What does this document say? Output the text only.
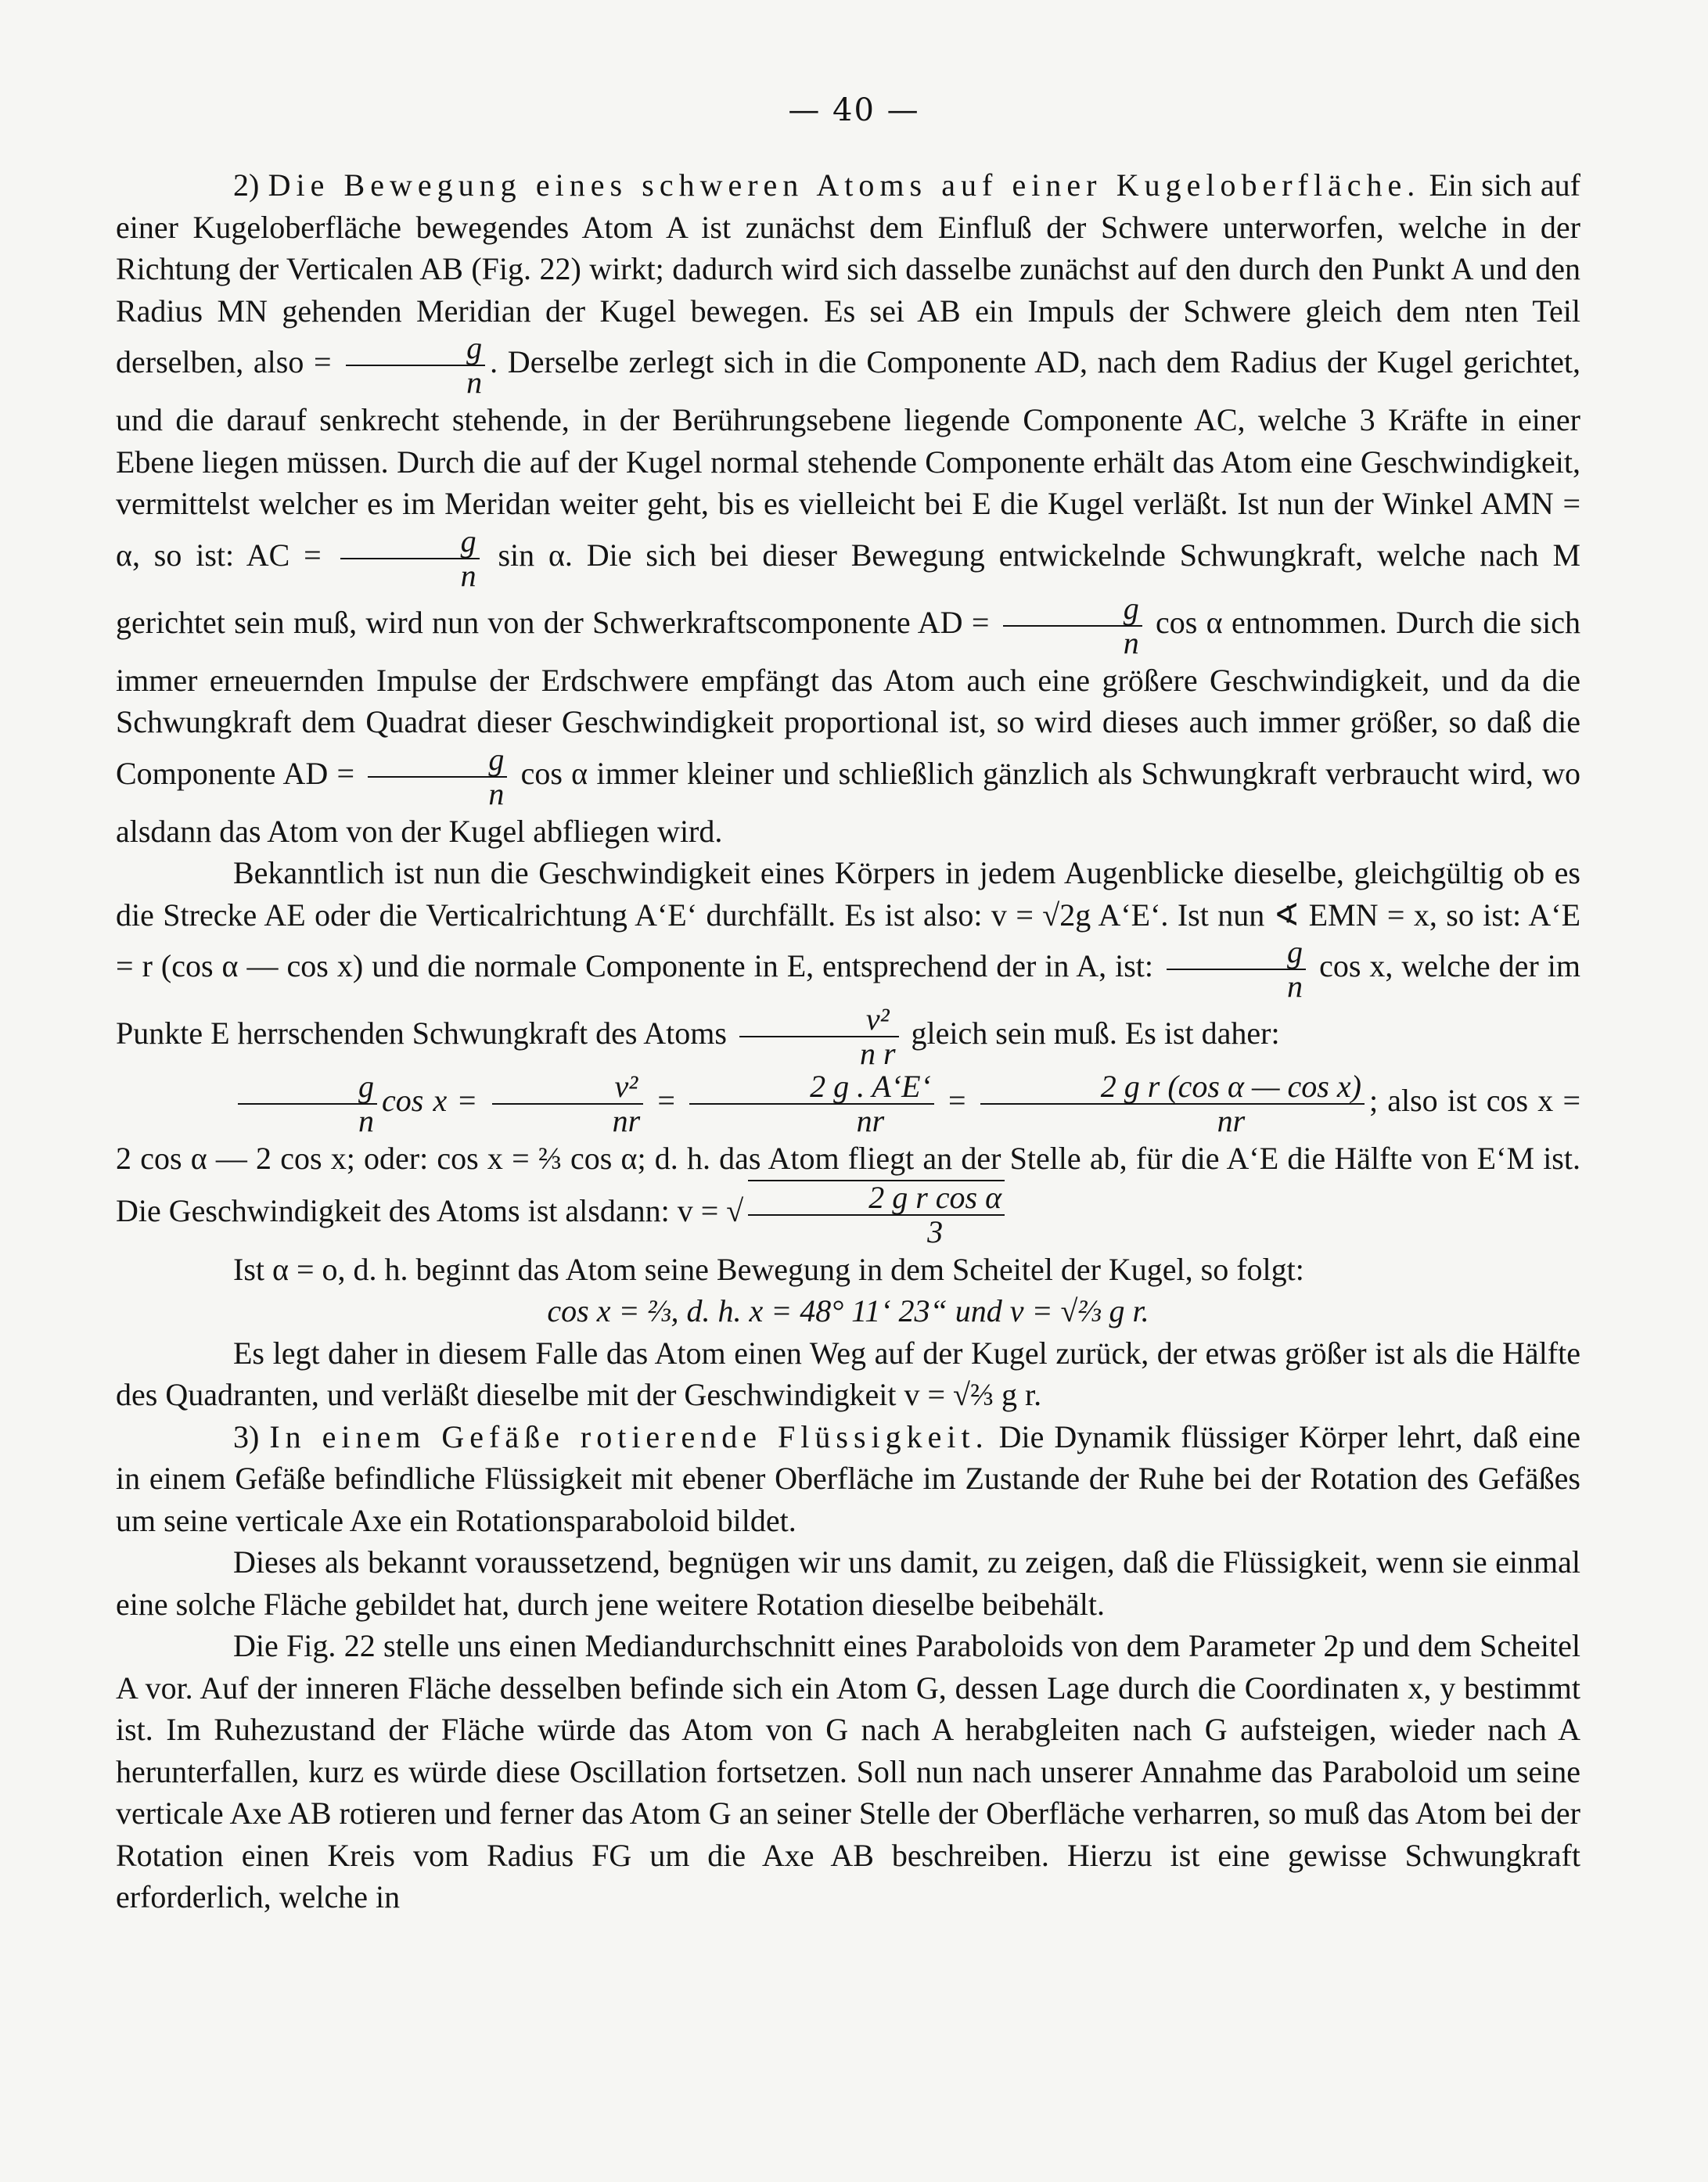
— 40 —

2) Die Bewegung eines schweren Atoms auf einer Kugeloberfläche. Ein sich auf einer Kugeloberfläche bewegendes Atom A ist zunächst dem Einfluß der Schwere unterworfen, welche in der Richtung der Verticalen AB (Fig. 22) wirkt; dadurch wird sich dasselbe zunächst auf den durch den Punkt A und den Radius MN gehenden Meridian der Kugel bewegen. Es sei AB ein Impuls der Schwere gleich dem nten Teil derselben, also = $\frac{g}{n}$ . Derselbe zerlegt sich in die Componente AD, nach dem Radius der Kugel gerichtet, und die darauf senkrecht stehende, in der Berührungsebene liegende Componente AC, welche 3 Kräfte in einer Ebene liegen müssen. Durch die auf der Kugel normal stehende Componente erhält das Atom eine Geschwindigkeit, vermittelst welcher es im Meridan weiter geht, bis es vielleicht bei E die Kugel verläßt. Ist nun der Winkel AMN = α, so ist: AC = $\frac{g}{n}$ sin α. Die sich bei dieser Bewegung entwickelnde Schwungkraft, welche nach M gerichtet sein muß, wird nun von der Schwerkraftscomponente AD = $\frac{g}{n}$ cos α entnommen. Durch die sich immer erneuernden Impulse der Erdschwere empfängt das Atom auch eine größere Geschwindigkeit, und da die Schwungkraft dem Quadrat dieser Geschwindigkeit proportional ist, so wird dieses auch immer größer, so daß die Componente AD = $\frac{g}{n}$ cos α immer kleiner und schließlich gänzlich als Schwungkraft verbraucht wird, wo alsdann das Atom von der Kugel abfliegen wird.

Bekanntlich ist nun die Geschwindigkeit eines Körpers in jedem Augenblicke dieselbe, gleichgültig ob es die Strecke AE oder die Verticalrichtung A‘E‘ durchfällt. Es ist also: v = √2g A‘E‘. Ist nun ∢ EMN = x, so ist: A‘E = r (cos α — cos x) und die normale Componente in E, entsprechend der in A, ist: $\frac{g}{n}$ cos x, welche der im Punkte E herrschenden Schwungkraft des Atoms $\frac{\text{v²}}{\text{n r}}$ gleich sein muß. Es ist daher:
$\frac{g}{n}$ $\cos x = \frac{\text{v²}}{nr} = \frac{2 g . A‘E‘}{nr} = \frac{\text{2 g r (cos α — cos x)}}{nr}$ ; also ist cos x = 2 cos α — 2 cos x; oder: cos x = ⅔ cos α; d. h. das Atom fliegt an der Stelle ab, für die A‘E die Hälfte von E‘M ist. Die Geschwindigkeit des Atoms ist alsdann: v = √ $\frac{\text{2 g r cos α}}{3}$

Ist α = o, d. h. beginnt das Atom seine Bewegung in dem Scheitel der Kugel, so folgt:

cos x = ⅔, d. h. x = 48° 11‘ 23“ und v = √⅔ g r.

Es legt daher in diesem Falle das Atom einen Weg auf der Kugel zurück, der etwas größer ist als die Hälfte des Quadranten, und verläßt dieselbe mit der Geschwindigkeit v = √⅔ g r.

3) In einem Gefäße rotierende Flüssigkeit. Die Dynamik flüssiger Körper lehrt, daß eine in einem Gefäße befindliche Flüssigkeit mit ebener Oberfläche im Zustande der Ruhe bei der Rotation des Gefäßes um seine verticale Axe ein Rotationsparaboloid bildet.

Dieses als bekannt voraussetzend, begnügen wir uns damit, zu zeigen, daß die Flüssigkeit, wenn sie einmal eine solche Fläche gebildet hat, durch jene weitere Rotation dieselbe beibehält.

Die Fig. 22 stelle uns einen Mediandurchschnitt eines Paraboloids von dem Parameter 2p und dem Scheitel A vor. Auf der inneren Fläche desselben befinde sich ein Atom G, dessen Lage durch die Coordinaten x, y bestimmt ist. Im Ruhezustand der Fläche würde das Atom von G nach A herabgleiten nach G aufsteigen, wieder nach A herunterfallen, kurz es würde diese Oscillation fortsetzen. Soll nun nach unserer Annahme das Paraboloid um seine verticale Axe AB rotieren und ferner das Atom G an seiner Stelle der Oberfläche verharren, so muß das Atom bei der Rotation einen Kreis vom Radius FG um die Axe AB beschreiben. Hierzu ist eine gewisse Schwungkraft erforderlich, welche in
